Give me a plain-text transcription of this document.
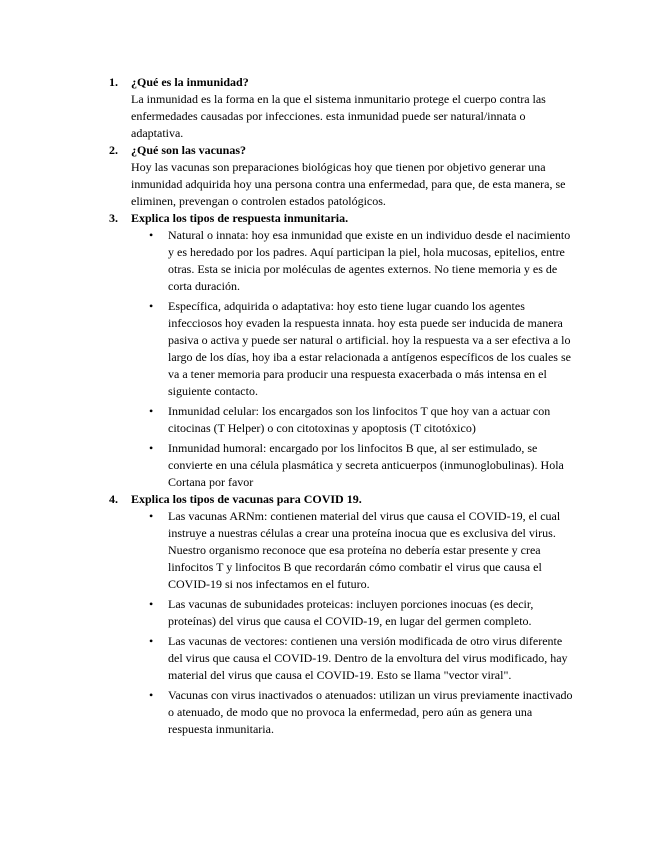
1. ¿Qué es la inmunidad?
La inmunidad es la forma en la que el sistema inmunitario protege el cuerpo contra las enfermedades causadas por infecciones. esta inmunidad puede ser natural/innata o adaptativa.
2. ¿Qué son las vacunas?
Hoy las vacunas son preparaciones biológicas hoy que tienen por objetivo generar una inmunidad adquirida hoy una persona contra una enfermedad, para que, de esta manera, se eliminen, prevengan o controlen estados patológicos.
3. Explica los tipos de respuesta inmunitaria.
• Natural o innata: hoy esa inmunidad que existe en un individuo desde el nacimiento y es heredado por los padres. Aquí participan la piel, hola mucosas, epitelios, entre otras. Esta se inicia por moléculas de agentes externos. No tiene memoria y es de corta duración.
• Específica, adquirida o adaptativa: hoy esto tiene lugar cuando los agentes infecciosos hoy evaden la respuesta innata. hoy esta puede ser inducida de manera pasiva o activa y puede ser natural o artificial. hoy la respuesta va a ser efectiva a lo largo de los días, hoy iba a estar relacionada a antígenos específicos de los cuales se va a tener memoria para producir una respuesta exacerbada o más intensa en el siguiente contacto.
• Inmunidad celular: los encargados son los linfocitos T que hoy van a actuar con citocinas (T Helper) o con citotoxinas y apoptosis (T citotóxico)
• Inmunidad humoral: encargado por los linfocitos B que, al ser estimulado, se convierte en una célula plasmática y secreta anticuerpos (inmunoglobulinas). Hola Cortana por favor
4. Explica los tipos de vacunas para COVID 19.
• Las vacunas ARNm: contienen material del virus que causa el COVID-19, el cual instruye a nuestras células a crear una proteína inocua que es exclusiva del virus. Nuestro organismo reconoce que esa proteína no debería estar presente y crea linfocitos T y linfocitos B que recordarán cómo combatir el virus que causa el COVID-19 si nos infectamos en el futuro.
• Las vacunas de subunidades proteicas: incluyen porciones inocuas (es decir, proteínas) del virus que causa el COVID-19, en lugar del germen completo.
• Las vacunas de vectores: contienen una versión modificada de otro virus diferente del virus que causa el COVID-19. Dentro de la envoltura del virus modificado, hay material del virus que causa el COVID-19. Esto se llama "vector viral".
• Vacunas con virus inactivados o atenuados: utilizan un virus previamente inactivado o atenuado, de modo que no provoca la enfermedad, pero aún as genera una respuesta inmunitaria.
